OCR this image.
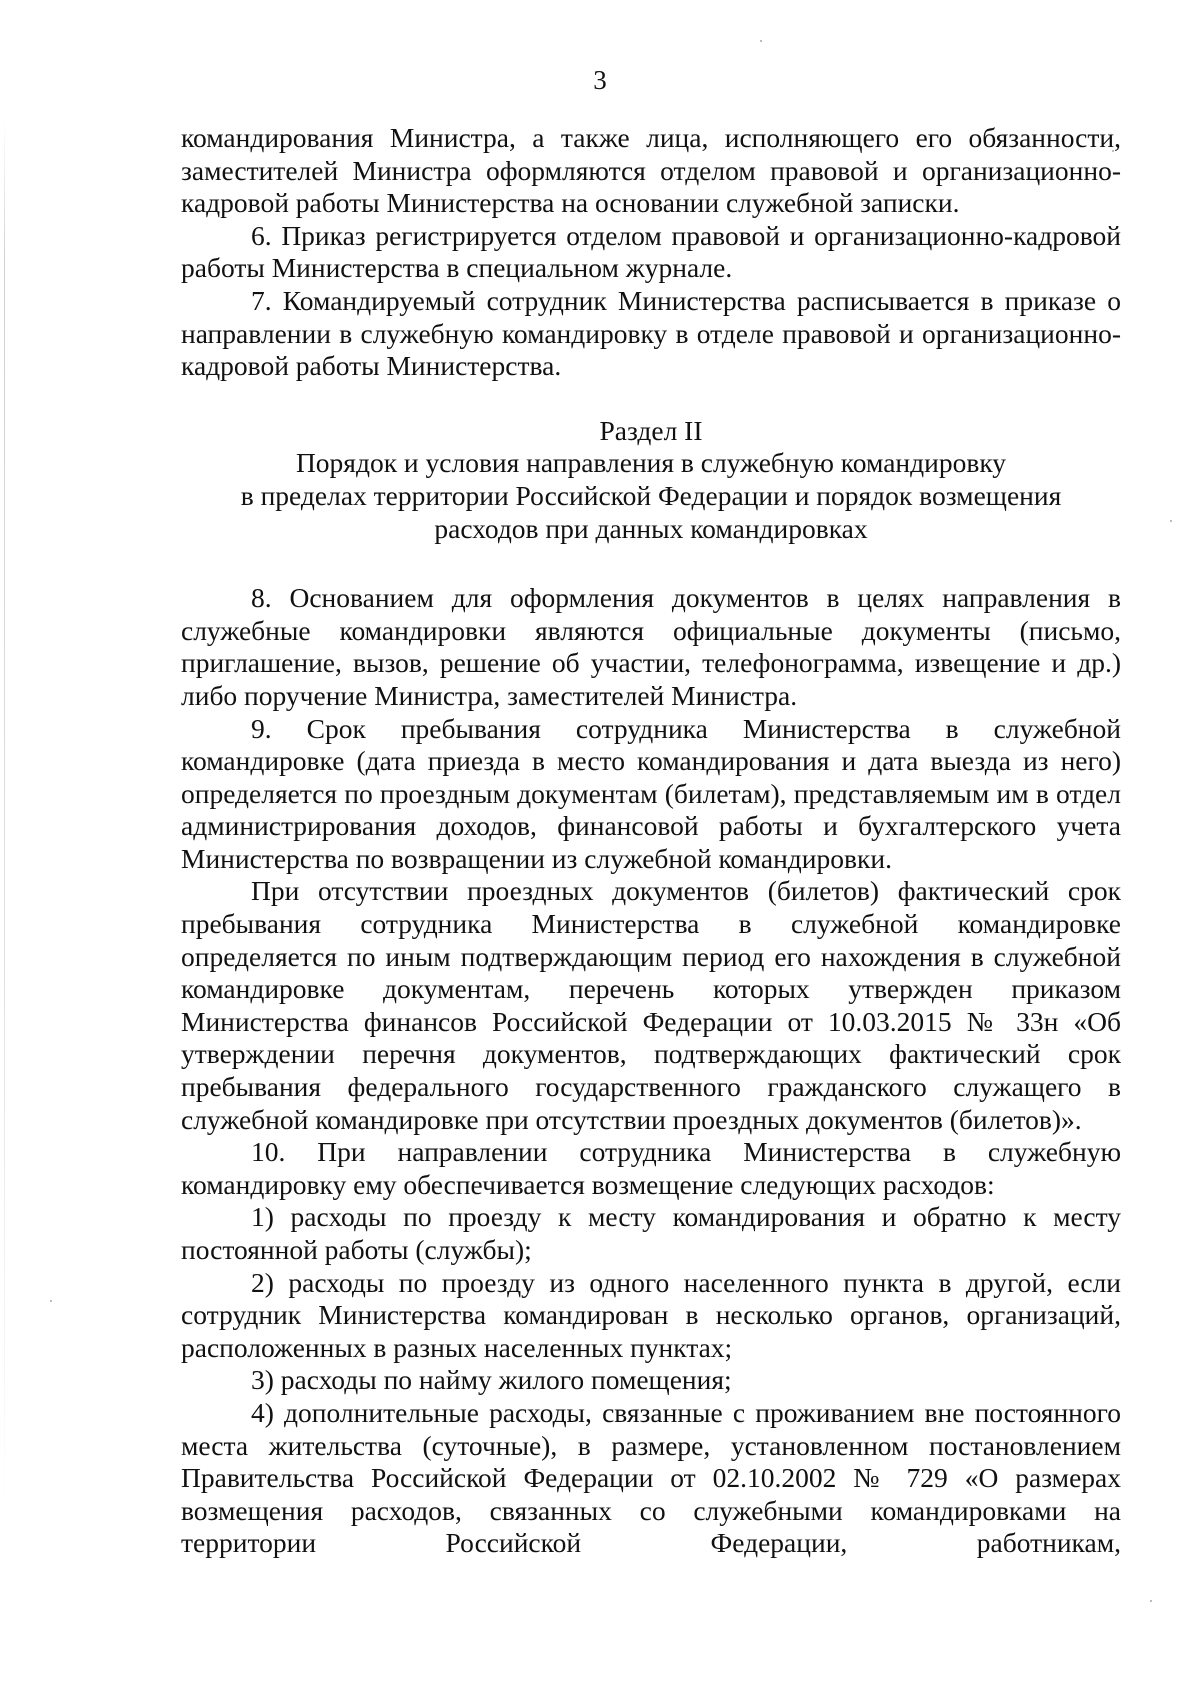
3

командирования Министра, а также лица, исполняющего его обязанности, заместителей Министра оформляются отделом правовой и организационно-кадровой работы Министерства на основании служебной записки.

6. Приказ регистрируется отделом правовой и организационно-кадровой работы Министерства в специальном журнале.

7. Командируемый сотрудник Министерства расписывается в приказе о направлении в служебную командировку в отделе правовой и организационно-кадровой работы Министерства.

Раздел II
Порядок и условия направления в служебную командировку
в пределах территории Российской Федерации и порядок возмещения
расходов при данных командировках

8. Основанием для оформления документов в целях направления в служебные командировки являются официальные документы (письмо, приглашение, вызов, решение об участии, телефонограмма, извещение и др.) либо поручение Министра, заместителей Министра.

9. Срок пребывания сотрудника Министерства в служебной командировке (дата приезда в место командирования и дата выезда из него) определяется по проездным документам (билетам), представляемым им в отдел администрирования доходов, финансовой работы и бухгалтерского учета Министерства по возвращении из служебной командировки.

При отсутствии проездных документов (билетов) фактический срок пребывания сотрудника Министерства в служебной командировке определяется по иным подтверждающим период его нахождения в служебной командировке документам, перечень которых утвержден приказом Министерства финансов Российской Федерации от 10.03.2015 № 33н «Об утверждении перечня документов, подтверждающих фактический срок пребывания федерального государственного гражданского служащего в служебной командировке при отсутствии проездных документов (билетов)».

10. При направлении сотрудника Министерства в служебную командировку ему обеспечивается возмещение следующих расходов:

1) расходы по проезду к месту командирования и обратно к месту постоянной работы (службы);

2) расходы по проезду из одного населенного пункта в другой, если сотрудник Министерства командирован в несколько органов, организаций, расположенных в разных населенных пунктах;

3) расходы по найму жилого помещения;

4) дополнительные расходы, связанные с проживанием вне постоянного места жительства (суточные), в размере, установленном постановлением Правительства Российской Федерации от 02.10.2002 № 729 «О размерах возмещения расходов, связанных со служебными командировками на территории Российской Федерации, работникам,
